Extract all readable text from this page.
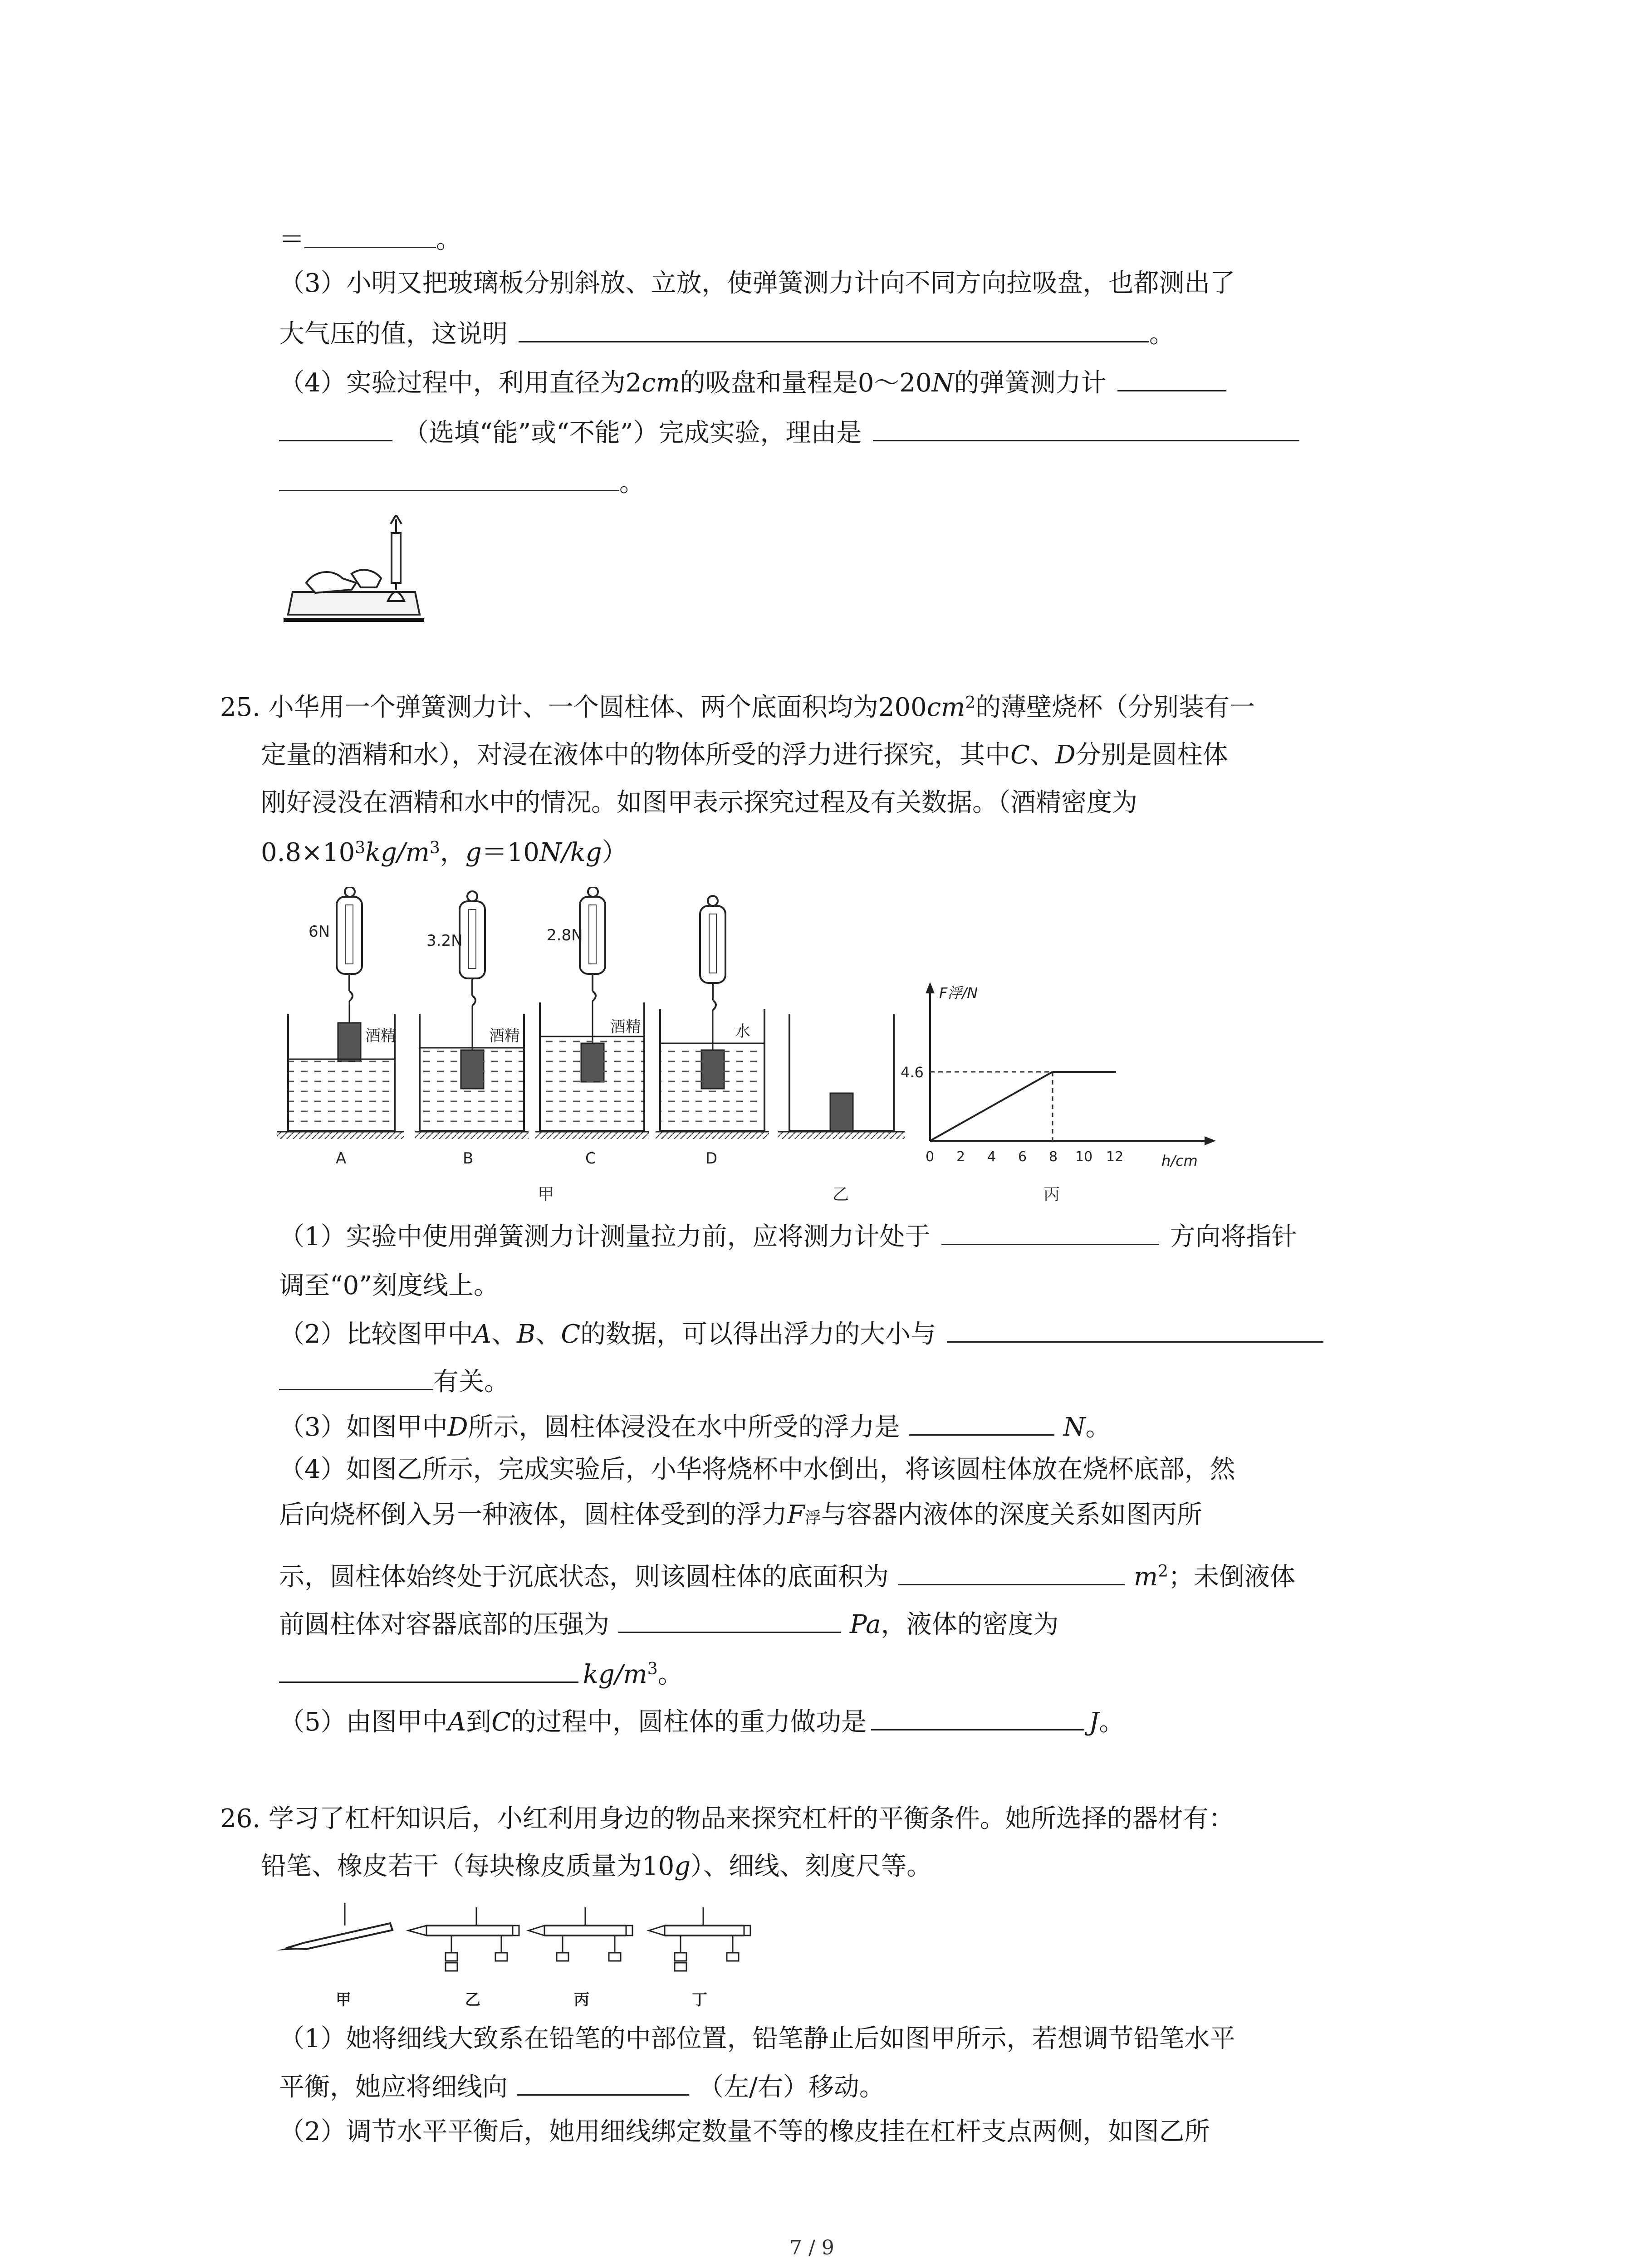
＝	。
（3）小明又把玻璃板分别斜放、立放，使弹簧测力计向不同方向拉吸盘，也都测出了
大气压的值，这说明	。
（4）实验过程中，利用直径为2cm的吸盘和量程是0～20N的弹簧测力计
（选填“能”或“不能”）完成实验，理由是
。
25. 小华用一个弹簧测力计、一个圆柱体、两个底面积均为$200cm^2$的薄壁烧杯（分别装有一
定量的酒精和水），对浸在液体中的物体所受的浮力进行探究，其中C、D分别是圆柱体
刚好浸没在酒精和水中的情况。如图甲表示探究过程及有关数据。（酒精密度为
$0.8\times 10^3kg/m^3$，g＝10N/kg）
6N
酒精
A
3.2N
酒精
B
2.8N
酒精
C
水
D
甲	乙
F浮/N
h/cm
4.6
0 2 4 6 8 10 12
丙
（1）实验中使用弹簧测力计测量拉力前，应将测力计处于	方向将指针
调至“0”刻度线上。
（2）比较图甲中A、B、C的数据，可以得出浮力的大小与
有关。
（3）如图甲中D所示，圆柱体浸没在水中所受的浮力是	N。
（4）如图乙所示，完成实验后，小华将烧杯中水倒出，将该圆柱体放在烧杯底部，然
后向烧杯倒入另一种液体，圆柱体受到的浮力F浮与容器内液体的深度关系如图丙所
示，圆柱体始终处于沉底状态，则该圆柱体的底面积为	$m^2$；未倒液体
前圆柱体对容器底部的压强为	Pa，液体的密度为
$kg/m^3$。
（5）由图甲中A到C的过程中，圆柱体的重力做功是	J。
26. 学习了杠杆知识后，小红利用身边的物品来探究杠杆的平衡条件。她所选择的器材有：
铅笔、橡皮若干（每块橡皮质量为10g）、细线、刻度尺等。
甲	乙	丙	丁
（1）她将细线大致系在铅笔的中部位置，铅笔静止后如图甲所示，若想调节铅笔水平
平衡，她应将细线向	（左/右）移动。
（2）调节水平平衡后，她用细线绑定数量不等的橡皮挂在杠杆支点两侧，如图乙所
7 / 9
